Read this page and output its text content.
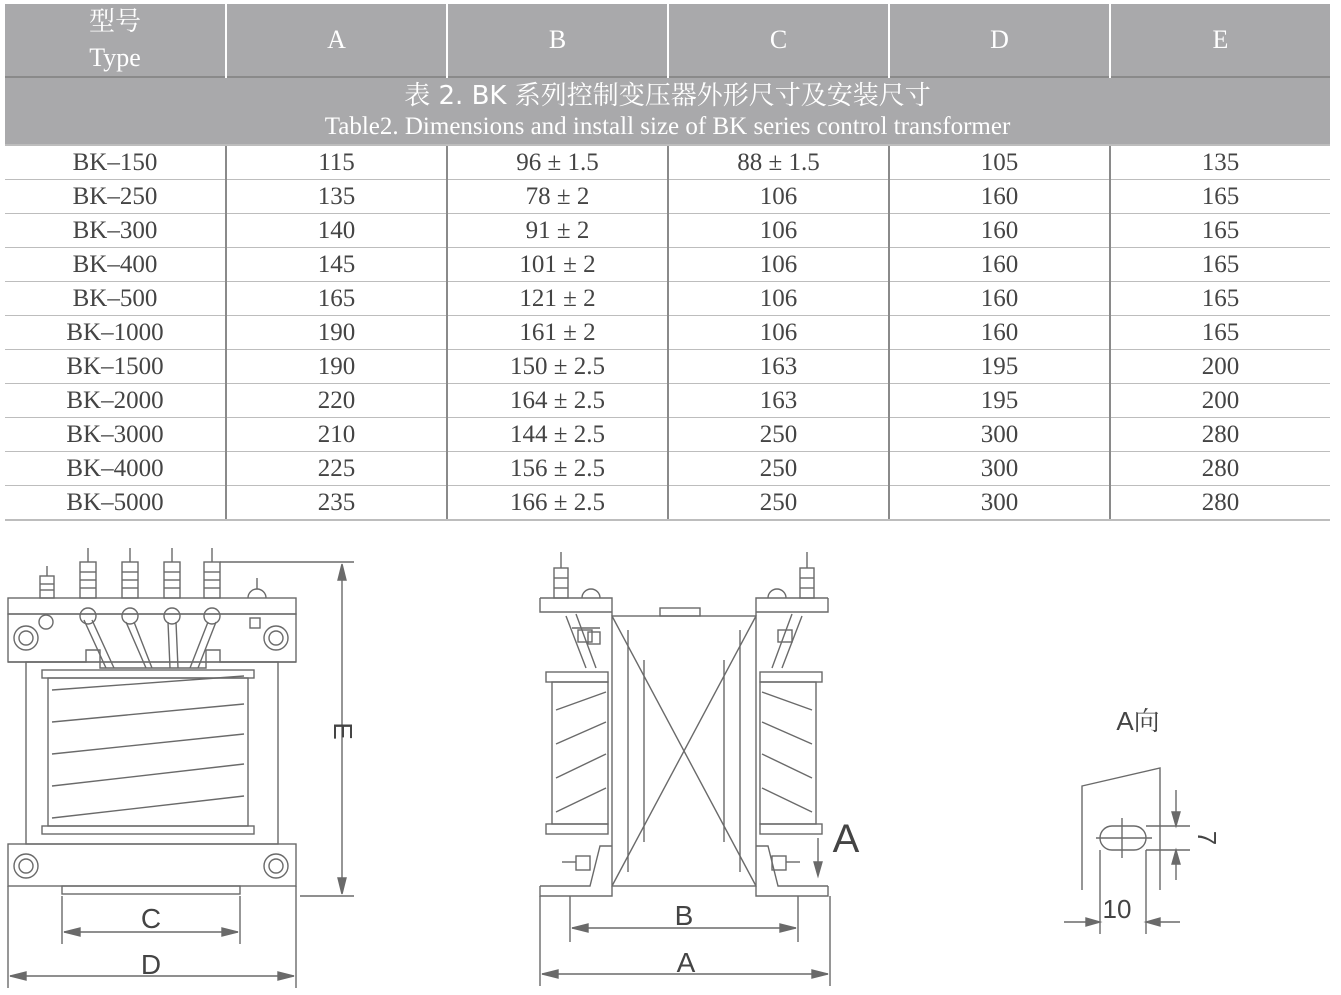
表 2. BK 系列控制变压器外形尺寸及安装尺寸
Table2. Dimensions and install size of BK series control transformer					

型号
Type	A	B	C	D	E
BK–150	115	96 ± 1.5	88 ± 1.5	105	135
BK–250	135	78 ± 2	106	160	165
BK–300	140	91 ± 2	106	160	165
BK–400	145	101 ± 2	106	160	165
BK–500	165	121 ± 2	106	160	165
BK–1000	190	161 ± 2	106	160	165
BK–1500	190	150 ± 2.5	163	195	200
BK–2000	220	164 ± 2.5	163	195	200
BK–3000	210	144 ± 2.5	250	300	280
BK–4000	225	156 ± 2.5	250	300	280
BK–5000	235	166 ± 2.5	250	300	280
E
C
D
B
A
A
A向
10
7
